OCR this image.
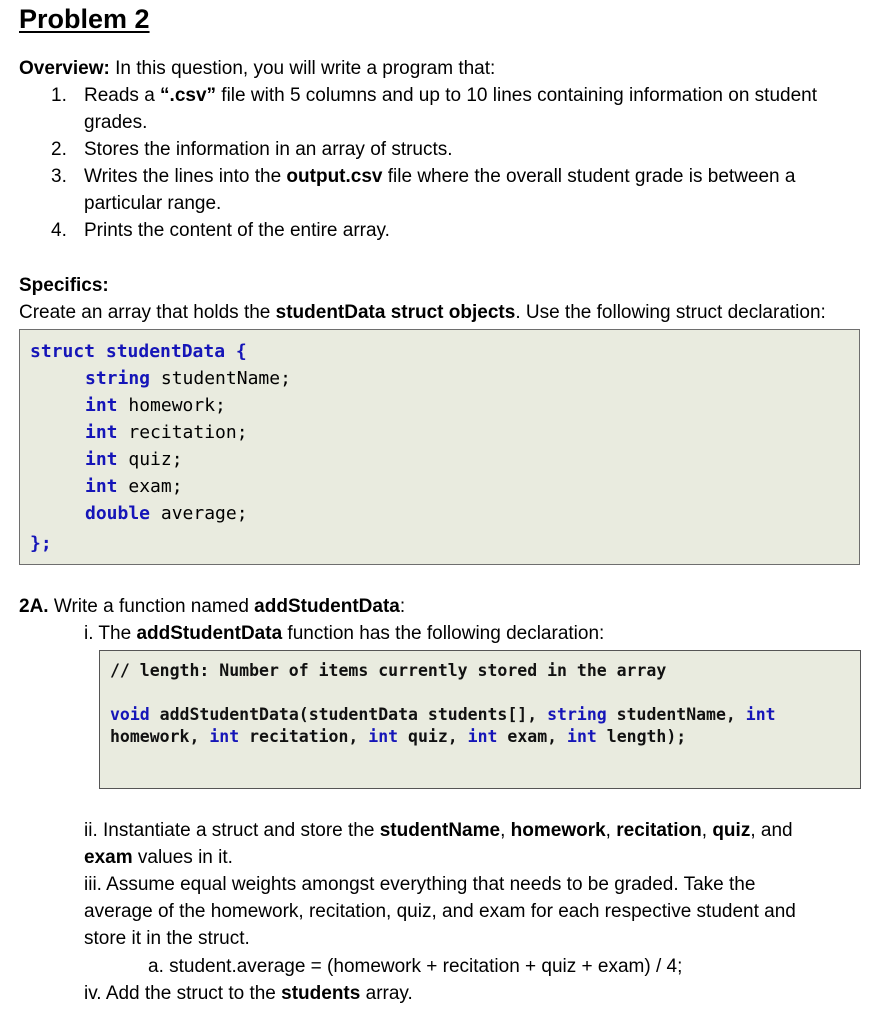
Problem 2
Overview: In this question, you will write a program that:
1. Reads a “.csv” file with 5 columns and up to 10 lines containing information on student
grades.
2. Stores the information in an array of structs.
3. Writes the lines into the output.csv file where the overall student grade is between a
particular range.
4. Prints the content of the entire array.
Specifics:
Create an array that holds the studentData struct objects. Use the following struct declaration:
struct studentData {
string studentName;
int homework;
int recitation;
int quiz;
int exam;
double average;
};
2A. Write a function named addStudentData:
i. The addStudentData function has the following declaration:
// length: Number of items currently stored in the array
void addStudentData(studentData students[], string studentName, int
homework, int recitation, int quiz, int exam, int length);
ii. Instantiate a struct and store the studentName, homework, recitation, quiz, and
exam values in it.
iii. Assume equal weights amongst everything that needs to be graded. Take the
average of the homework, recitation, quiz, and exam for each respective student and
store it in the struct.
a. student.average = (homework + recitation + quiz + exam) / 4;
iv. Add the struct to the students array.
